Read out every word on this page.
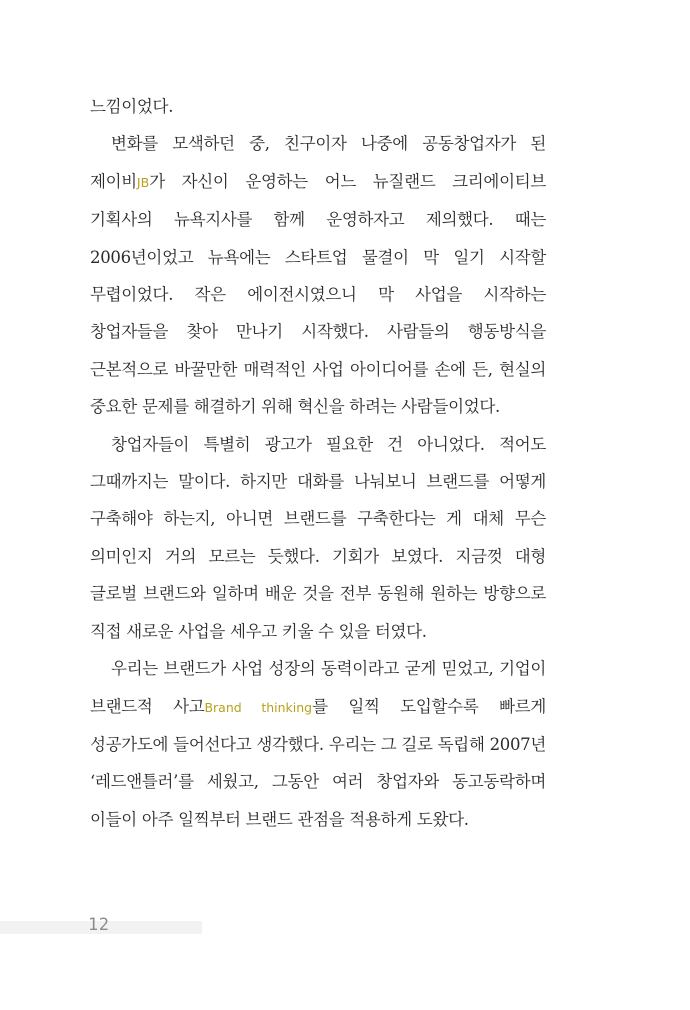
느낌이었다.

변화를 모색하던 중, 친구이자 나중에 공동창업자가 된 제이비JB가 자신이 운영하는 어느 뉴질랜드 크리에이티브 기획사의 뉴욕지사를 함께 운영하자고 제의했다. 때는 2006년이었고 뉴욕에는 스타트업 물결이 막 일기 시작할 무렵이었다. 작은 에이전시였으니 막 사업을 시작하는 창업자들을 찾아 만나기 시작했다. 사람들의 행동방식을 근본적으로 바꿀만한 매력적인 사업 아이디어를 손에 든, 현실의 중요한 문제를 해결하기 위해 혁신을 하려는 사람들이었다.

창업자들이 특별히 광고가 필요한 건 아니었다. 적어도 그때까지는 말이다. 하지만 대화를 나눠보니 브랜드를 어떻게 구축해야 하는지, 아니면 브랜드를 구축한다는 게 대체 무슨 의미인지 거의 모르는 듯했다. 기회가 보였다. 지금껏 대형 글로벌 브랜드와 일하며 배운 것을 전부 동원해 원하는 방향으로 직접 새로운 사업을 세우고 키울 수 있을 터였다.

우리는 브랜드가 사업 성장의 동력이라고 굳게 믿었고, 기업이 브랜드적 사고Brand thinking를 일찍 도입할수록 빠르게 성공가도에 들어선다고 생각했다. 우리는 그 길로 독립해 2007년 ‘레드앤틀러’를 세웠고, 그동안 여러 창업자와 동고동락하며 이들이 아주 일찍부터 브랜드 관점을 적용하게 도왔다.

12
